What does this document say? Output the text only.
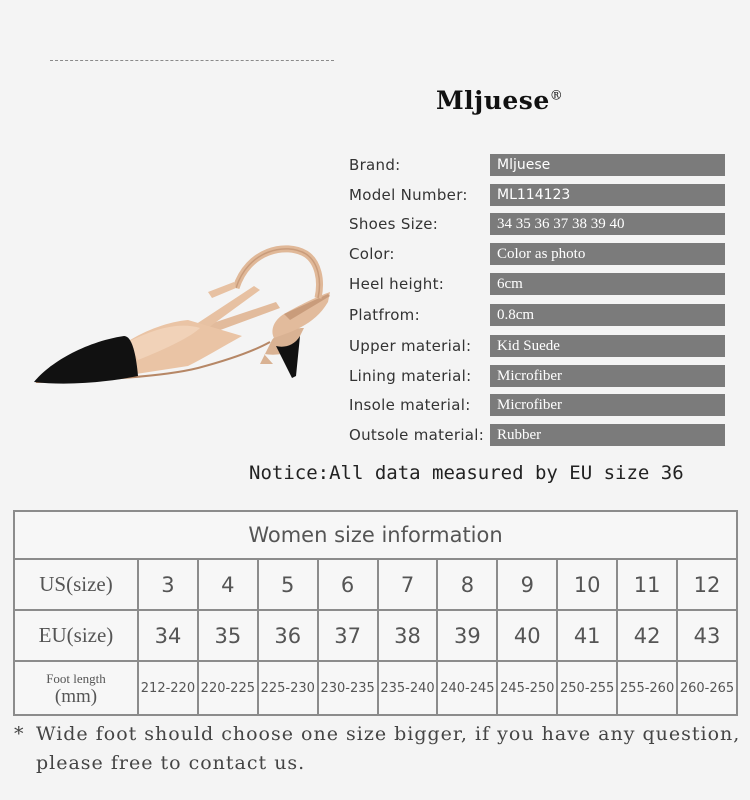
Mljuese®
Brand:	Mljuese
Model Number:	ML114123
Shoes Size:	34 35 36 37 38 39 40
Color:	Color as photo
Heel height:	6cm
Platfrom:	0.8cm
Upper material:	Kid Suede
Lining material:	Microfiber
Insole material:	Microfiber
Outsole material: Rubber
Notice:All data measured by EU size 36
Women size information										
US(size)	3	4	5	6	7	8	9	10	11	12
EU(size)	34	35	36	37	38	39	40	41	42	43
Foot length
(mm)	212-220	220-225	225-230	230-235	235-240	240-245	245-250	250-255	255-260	260-265
* Wide foot should choose one size bigger, if you have any question,
please free to contact us.
